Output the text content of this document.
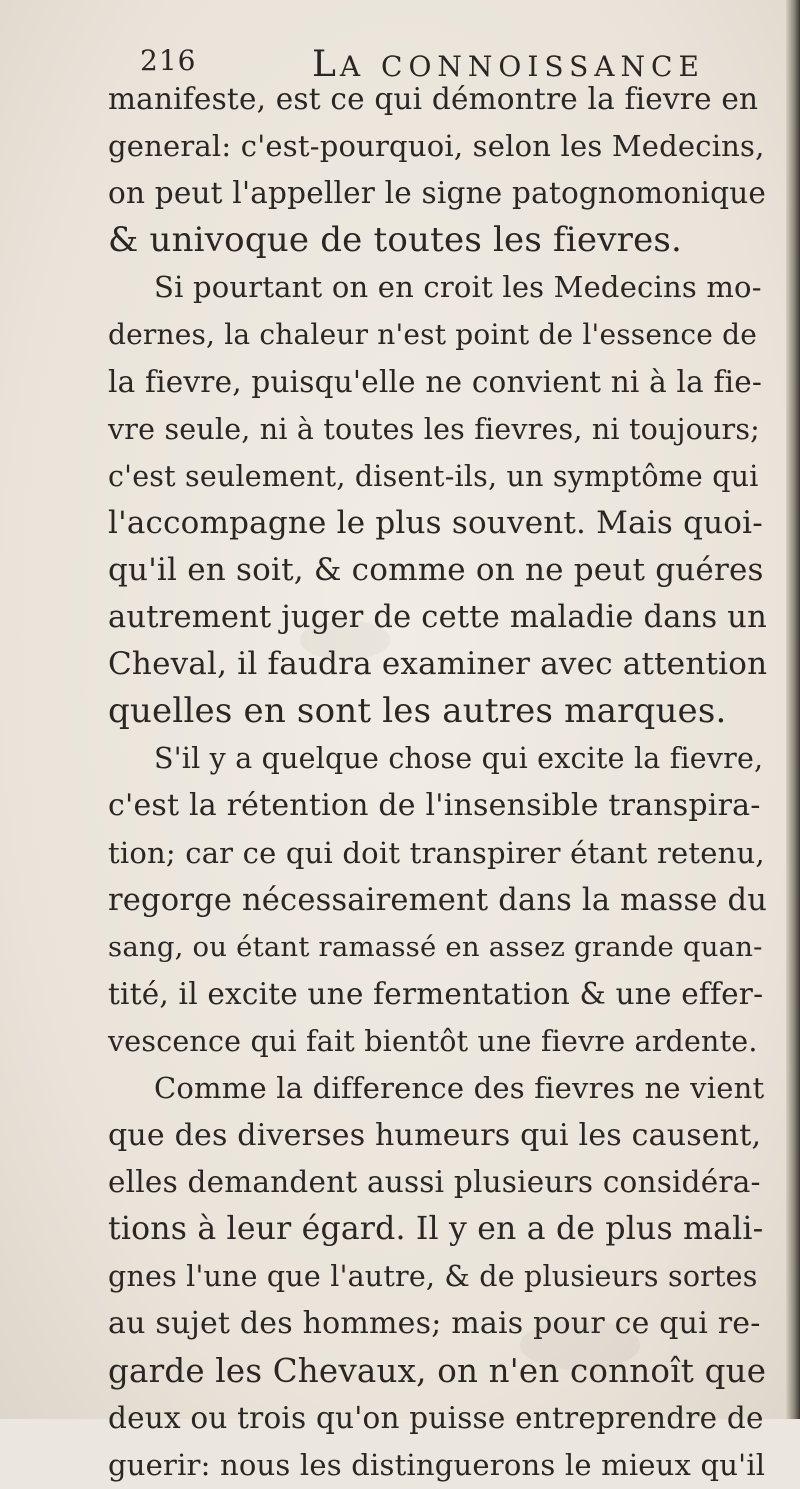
216	LA CONNOISSANCE
manifeste, est ce qui démontre la fievre en
general: c'est-pourquoi, selon les Medecins,
on peut l'appeller le signe patognomonique
& univoque de toutes les fievres.
Si pourtant on en croit les Medecins mo-
dernes, la chaleur n'est point de l'essence de
la fievre, puisqu'elle ne convient ni à la fie-
vre seule, ni à toutes les fievres, ni toujours;
c'est seulement, disent-ils, un symptôme qui
l'accompagne le plus souvent. Mais quoi-
qu'il en soit, & comme on ne peut guéres
autrement juger de cette maladie dans un
Cheval, il faudra examiner avec attention
quelles en sont les autres marques.
S'il y a quelque chose qui excite la fievre,
c'est la rétention de l'insensible transpira-
tion; car ce qui doit transpirer étant retenu,
regorge nécessairement dans la masse du
sang, ou étant ramassé en assez grande quan-
tité, il excite une fermentation & une effer-
vescence qui fait bientôt une fievre ardente.
Comme la difference des fievres ne vient
que des diverses humeurs qui les causent,
elles demandent aussi plusieurs considéra-
tions à leur égard. Il y en a de plus mali-
gnes l'une que l'autre, & de plusieurs sortes
au sujet des hommes; mais pour ce qui re-
garde les Chevaux, on n'en connoît que
deux ou trois qu'on puisse entreprendre de
guerir: nous les distinguerons le mieux qu'il
